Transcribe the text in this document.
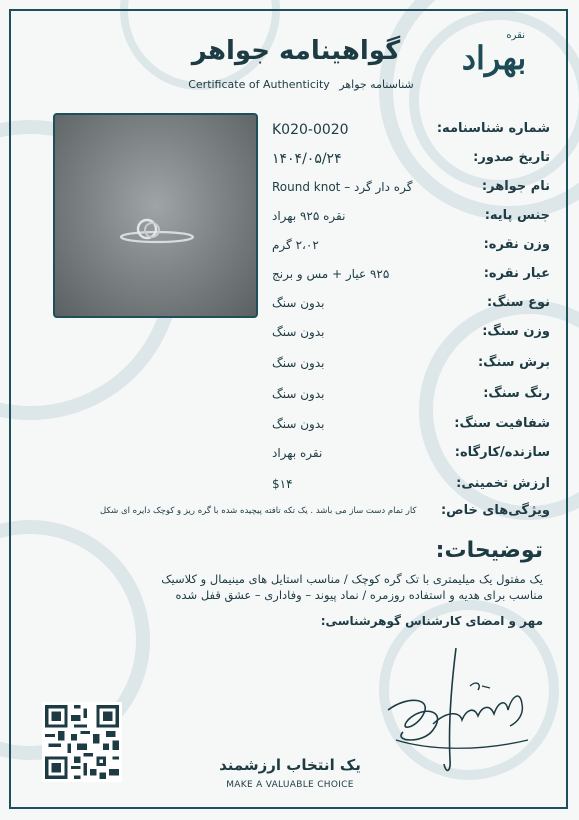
نقره
بهراد
گواهینامه جواهر
Certificate of Authenticity شناسنامه جواهر
شماره شناسنامه:
K020-0020
تاریخ صدور:
۱۴۰۴/۰۵/۲۴
نام جواهر:
گره دار گرد – Round knot
جنس پایه:
نقره ۹۲۵ بهراد
وزن نقره:
۲،۰۲ گرم
عیار نقره:
۹۲۵ عیار + مس و برنج
نوع سنگ:
بدون سنگ
وزن سنگ:
بدون سنگ
برش سنگ:
بدون سنگ
رنگ سنگ:
بدون سنگ
شفافیت سنگ:
بدون سنگ
سازنده/کارگاه:
نقره بهراد
ارزش تخمینی:
$۱۴
ویژگی‌های خاص:
کار تمام دست ساز می باشد . یک تکه تافته پیچیده شده با گره ریز و کوچک دایره ای شکل
توضیحات:
یک مفتول یک میلیمتری با تک گره کوچک / مناسب استایل های مینیمال و کلاسیک
مناسب برای هدیه و استفاده روزمره / نماد پیوند – وفاداری – عشق قفل شده
مهر و امضای کارشناس گوهرشناسی:
یک انتخاب ارزشمند
MAKE A VALUABLE CHOICE
